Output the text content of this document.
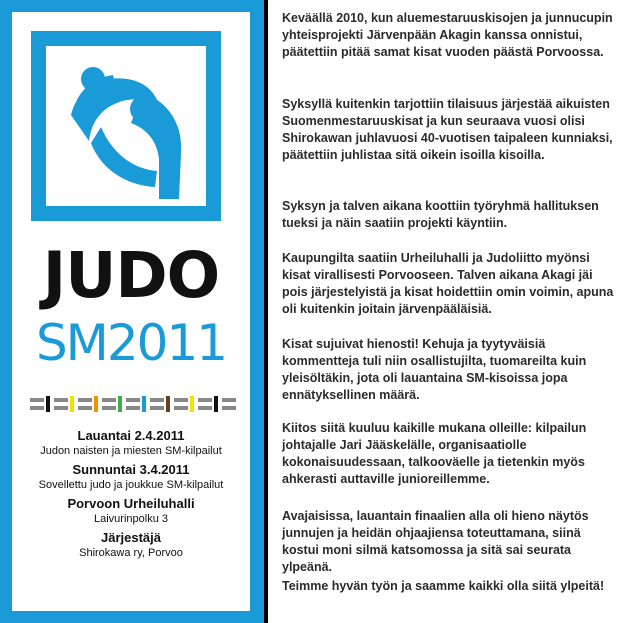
JUDO
SM2011
Lauantai 2.4.2011
Judon naisten ja miesten SM-kilpailut
Sunnuntai 3.4.2011
Sovellettu judo ja joukkue SM-kilpailut
Porvoon Urheiluhalli
Laivurinpolku 3
Järjestäjä
Shirokawa ry, Porvoo

Keväällä 2010, kun aluemestaruuskisojen ja junnucupin yhteisprojekti Järvenpään Akagin kanssa onnistui, päätettiin pitää samat kisat vuoden päästä Porvoossa.

Syksyllä kuitenkin tarjottiin tilaisuus järjestää aikuisten Suomenmestaruuskisat ja kun seuraava vuosi olisi Shirokawan juhlavuosi 40-vuotisen taipaleen kunniaksi, päätettiin juhlistaa sitä oikein isoilla kisoilla.

Syksyn ja talven aikana koottiin työryhmä hallituksen tueksi ja näin saatiin projekti käyntiin.

Kaupungilta saatiin Urheiluhalli ja Judoliitto myönsi kisat virallisesti Porvooseen. Talven aikana Akagi jäi pois järjestelyistä ja kisat hoidettiin omin voimin, apuna oli kuitenkin joitain järvenpääläisiä.

Kisat sujuivat hienosti! Kehuja ja tyytyväisiä kommentteja tuli niin osallistujilta, tuomareilta kuin yleisöltäkin, jota oli lauantaina SM-kisoissa jopa ennätyksellinen määrä.

Kiitos siitä kuuluu kaikille mukana olleille: kilpailun johtajalle Jari Jääskelälle, organisaatiolle kokonaisuudessaan, talkooväelle ja tietenkin myös ahkerasti auttaville junioreillemme.

Avajaisissa, lauantain finaalien alla oli hieno näytös junnujen ja heidän ohjaajiensa toteuttamana, siinä kostui moni silmä katsomossa ja sitä sai seurata ylpeänä.

Teimme hyvän työn ja saamme kaikki olla siitä ylpeitä!
